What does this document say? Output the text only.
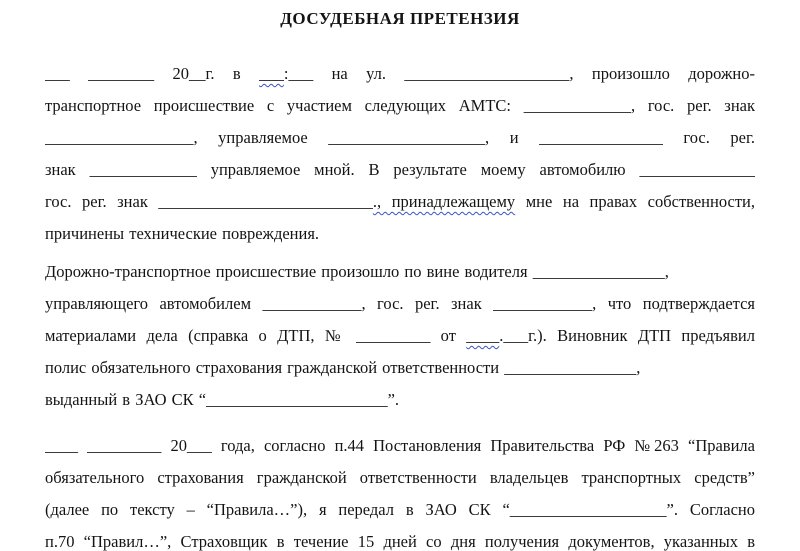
ДОСУДЕБНАЯ ПРЕТЕНЗИЯ
___ ________ 20__г. в ___:___ на ул. ____________________, произошло дорожно-
транспортное происшествие с участием следующих АМТС: _____________, гос. рег. знак
__________________, управляемое ___________________, и _______________ гос. рег.
знак _____________ управляемое мной. В результате моему автомобилю ______________
гос. рег. знак __________________________., принадлежащему мне на правах собственности,
причинены технические повреждения.
Дорожно-транспортное происшествие произошло по вине водителя ________________,
управляющего автомобилем ____________, гос. рег. знак ____________, что подтверждается
материалами дела (справка о ДТП, № _________ от ____.___г.). Виновник ДТП предъявил
полис обязательного страхования гражданской ответственности ________________,
выданный в ЗАО СК “______________________”.
____ _________ 20___ года, согласно п.44 Постановления Правительства РФ №263 “Правила
обязательного страхования гражданской ответственности владельцев транспортных средств”
(далее по тексту – “Правила…”), я передал в ЗАО СК “___________________”. Согласно
п.70 “Правил…”, Страховщик в течение 15 дней со дня получения документов, указанных в
